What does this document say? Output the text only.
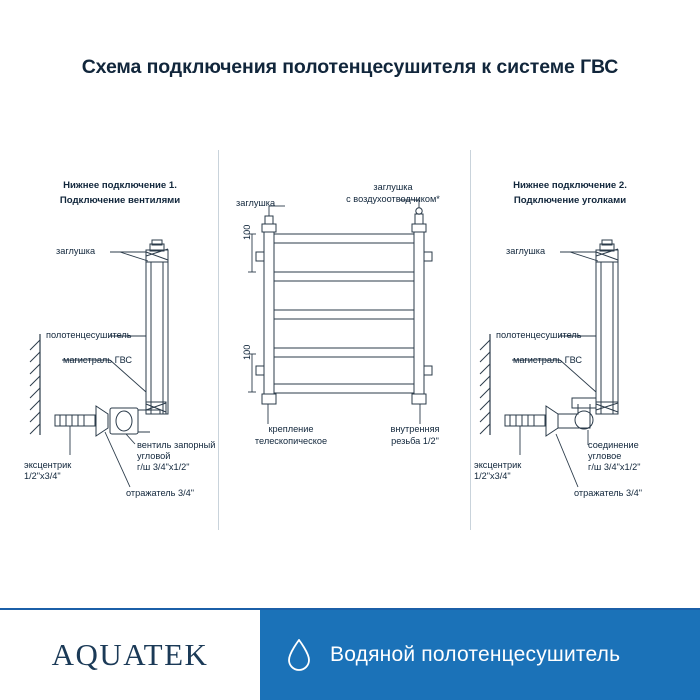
Схема подключения полотенцесушителя к системе ГВС
Нижнее подключение 1.
Подключение вентилями
заглушка
полотенцесушитель
магистраль ГВС
эксцентрик
1/2"х3/4"
вентиль запорный
угловой
г/ш 3/4"х1/2"
отражатель 3/4"
заглушка
заглушка
с воздухоотводчиком*
100
100
крепление
телескопическое
внутренняя
резьба 1/2"
Нижнее подключение 2.
Подключение уголками
заглушка
полотенцесушитель
магистраль ГВС
эксцентрик
1/2"х3/4"
соединение
угловое
г/ш 3/4"х1/2"
отражатель 3/4"
AQUATEK	Водяной полотенцесушитель
